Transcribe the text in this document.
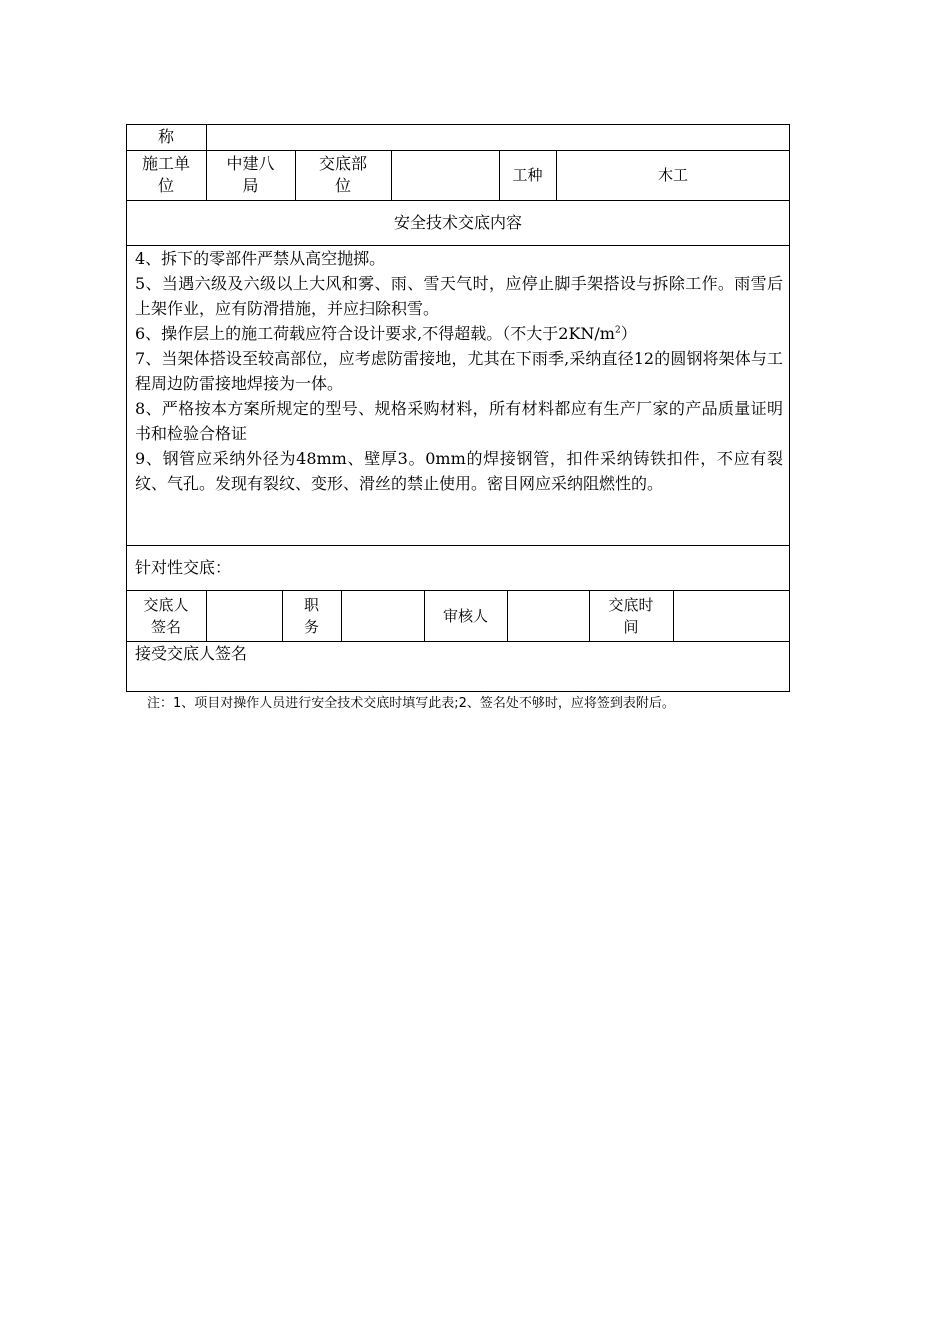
称
施工单
位
中建八
局
交底部
位
工种	木工
安全技术交底内容

4、拆下的零部件严禁从高空抛掷。

5、当遇六级及六级以上大风和雾、雨、雪天气时，应停止脚手架搭设与拆除工作。雨雪后上架作业，应有防滑措施，并应扫除积雪。

6、操作层上的施工荷载应符合设计要求,不得超载。（不大于$2KN/m^2$）

7、当架体搭设至较高部位，应考虑防雷接地，尤其在下雨季,采纳直径12的圆钢将架体与工程周边防雷接地焊接为一体。

8、严格按本方案所规定的型号、规格采购材料，所有材料都应有生产厂家的产品质量证明书和检验合格证

9、钢管应采纳外径为48mm、壁厚3。0mm的焊接钢管，扣件采纳铸铁扣件，不应有裂纹、气孔。发现有裂纹、变形、滑丝的禁止使用。密目网应采纳阻燃性的。

针对性交底：
交底人
签名
职
务
审核人
交底时
间
接受交底人签名
注：1、项目对操作人员进行安全技术交底时填写此表;2、签名处不够时，应将签到表附后。
